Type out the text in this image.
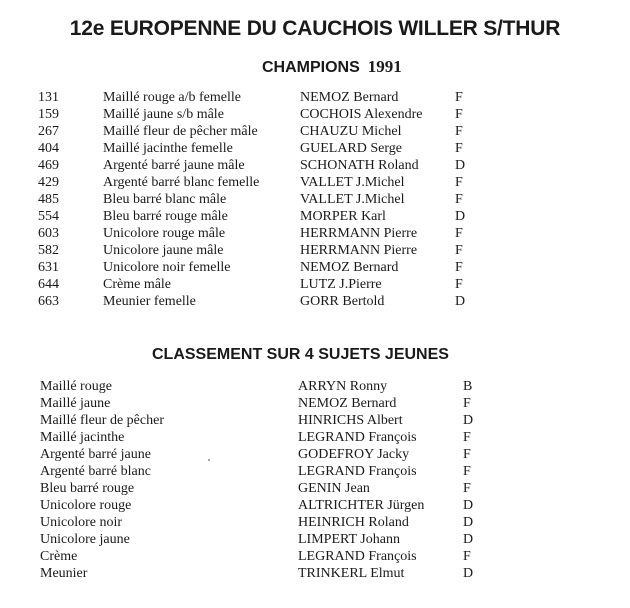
12e EUROPENNE DU CAUCHOIS WILLER S/THUR
CHAMPIONS 1991
131	Maillé rouge a/b femelle	NEMOZ Bernard	F
159	Maillé jaune s/b mâle	COCHOIS Alexendre F
267	Maillé fleur de pêcher mâle	CHAUZU Michel	F
404	Maillé jacinthe femelle	GUELARD Serge	F
469	Argenté barré jaune mâle	SCHONATH Roland	D
429	Argenté barré blanc femelle	VALLET J.Michel	F
485	Bleu barré blanc mâle	VALLET J.Michel	F
554	Bleu barré rouge mâle	MORPER Karl	D
603	Unicolore rouge mâle	HERRMANN Pierre	F
582	Unicolore jaune mâle	HERRMANN Pierre	F
631	Unicolore noir femelle	NEMOZ Bernard	F
644	Crème mâle	LUTZ J.Pierre	F
663	Meunier femelle	GORR Bertold	D
CLASSEMENT SUR 4 SUJETS JEUNES
Maillé rouge	ARRYN Ronny	B
Maillé jaune	NEMOZ Bernard	F
Maillé fleur de pêcher	HINRICHS Albert	D
Maillé jacinthe	LEGRAND François	F
Argenté barré jaune	GODEFROY Jacky	F
Argenté barré blanc	LEGRAND François	F
Bleu barré rouge	GENIN Jean	F
Unicolore rouge	ALTRICHTER Jürgen	D
Unicolore noir	HEINRICH Roland	D
Unicolore jaune	LIMPERT Johann	D
Crème	LEGRAND François	F
Meunier	TRINKERL Elmut	D
